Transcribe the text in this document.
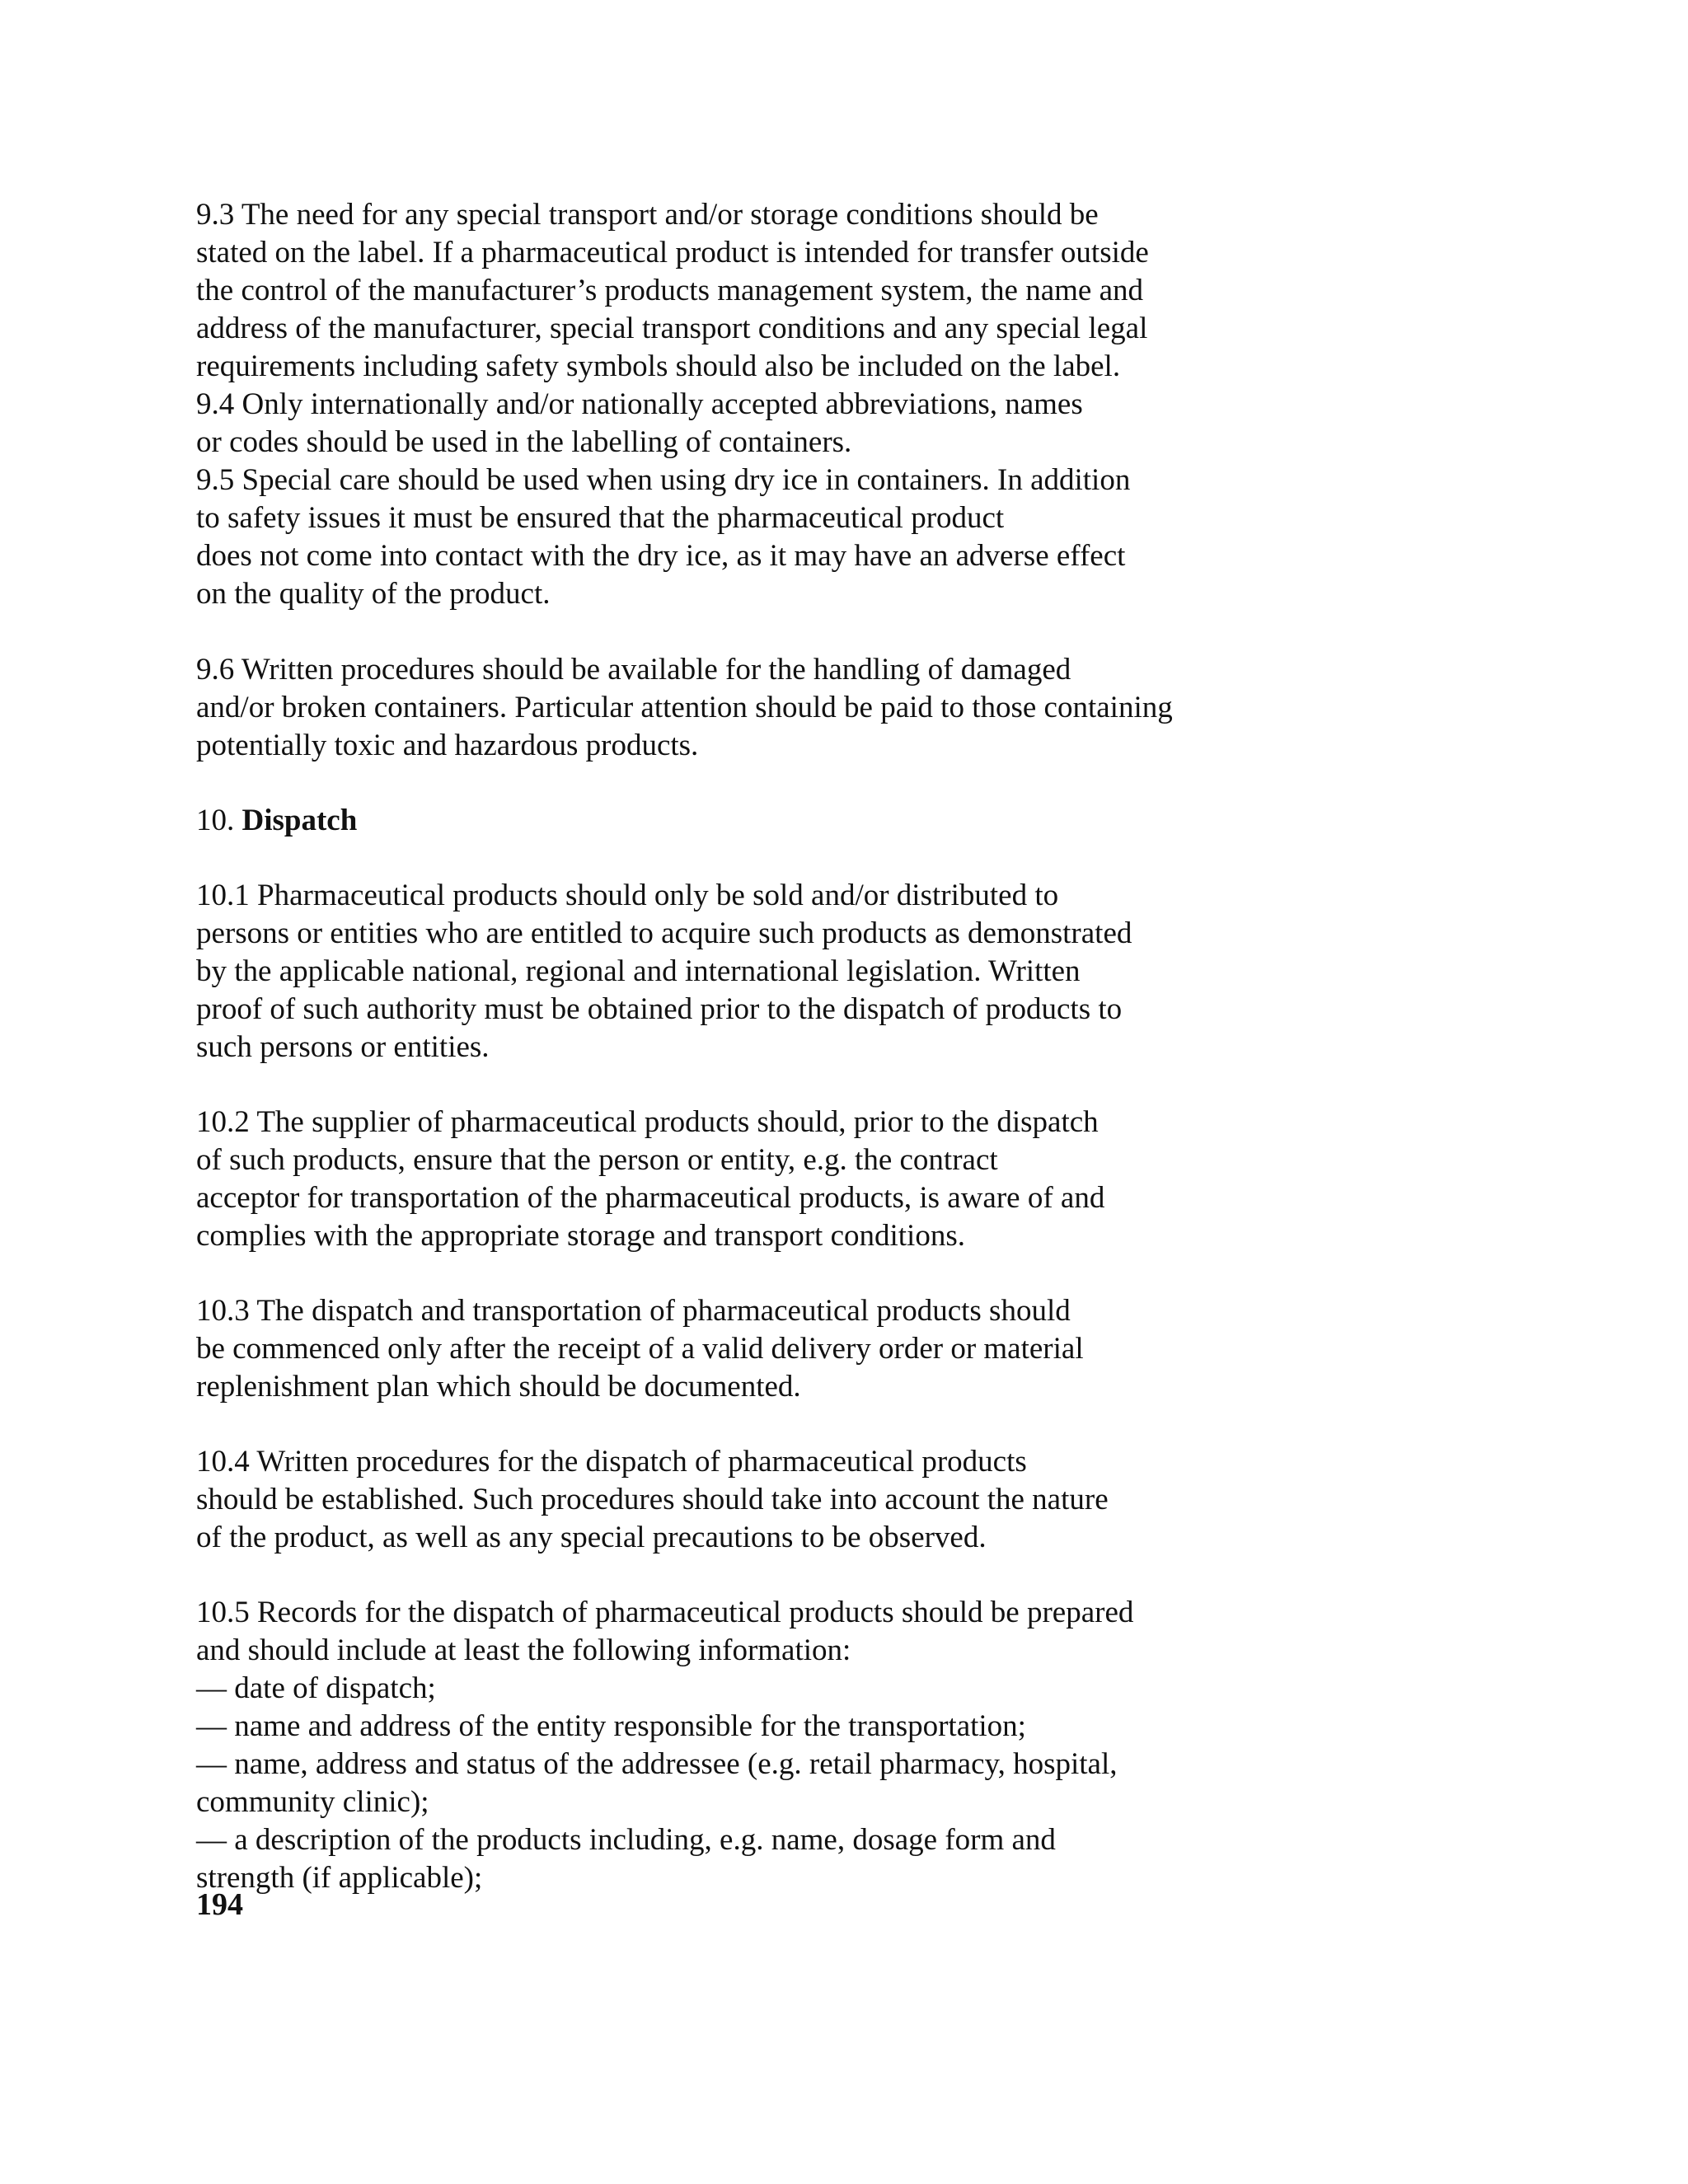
9.3 The need for any special transport and/or storage conditions should be
stated on the label. If a pharmaceutical product is intended for transfer outside
the control of the manufacturer’s products management system, the name and
address of the manufacturer, special transport conditions and any special legal
requirements including safety symbols should also be included on the label.
9.4 Only internationally and/or nationally accepted abbreviations, names
or codes should be used in the labelling of containers.
9.5 Special care should be used when using dry ice in containers. In addition
to safety issues it must be ensured that the pharmaceutical product
does not come into contact with the dry ice, as it may have an adverse effect
on the quality of the product.
9.6 Written procedures should be available for the handling of damaged
and/or broken containers. Particular attention should be paid to those containing
potentially toxic and hazardous products.
10. Dispatch
10.1 Pharmaceutical products should only be sold and/or distributed to
persons or entities who are entitled to acquire such products as demonstrated
by the applicable national, regional and international legislation. Written
proof of such authority must be obtained prior to the dispatch of products to
such persons or entities.
10.2 The supplier of pharmaceutical products should, prior to the dispatch
of such products, ensure that the person or entity, e.g. the contract
acceptor for transportation of the pharmaceutical products, is aware of and
complies with the appropriate storage and transport conditions.
10.3 The dispatch and transportation of pharmaceutical products should
be commenced only after the receipt of a valid delivery order or material
replenishment plan which should be documented.
10.4 Written procedures for the dispatch of pharmaceutical products
should be established. Such procedures should take into account the nature
of the product, as well as any special precautions to be observed.
10.5 Records for the dispatch of pharmaceutical products should be prepared
and should include at least the following information:
— date of dispatch;
— name and address of the entity responsible for the transportation;
— name, address and status of the addressee (e.g. retail pharmacy, hospital,
community clinic);
— a description of the products including, e.g. name, dosage form and
strength (if applicable);
194
